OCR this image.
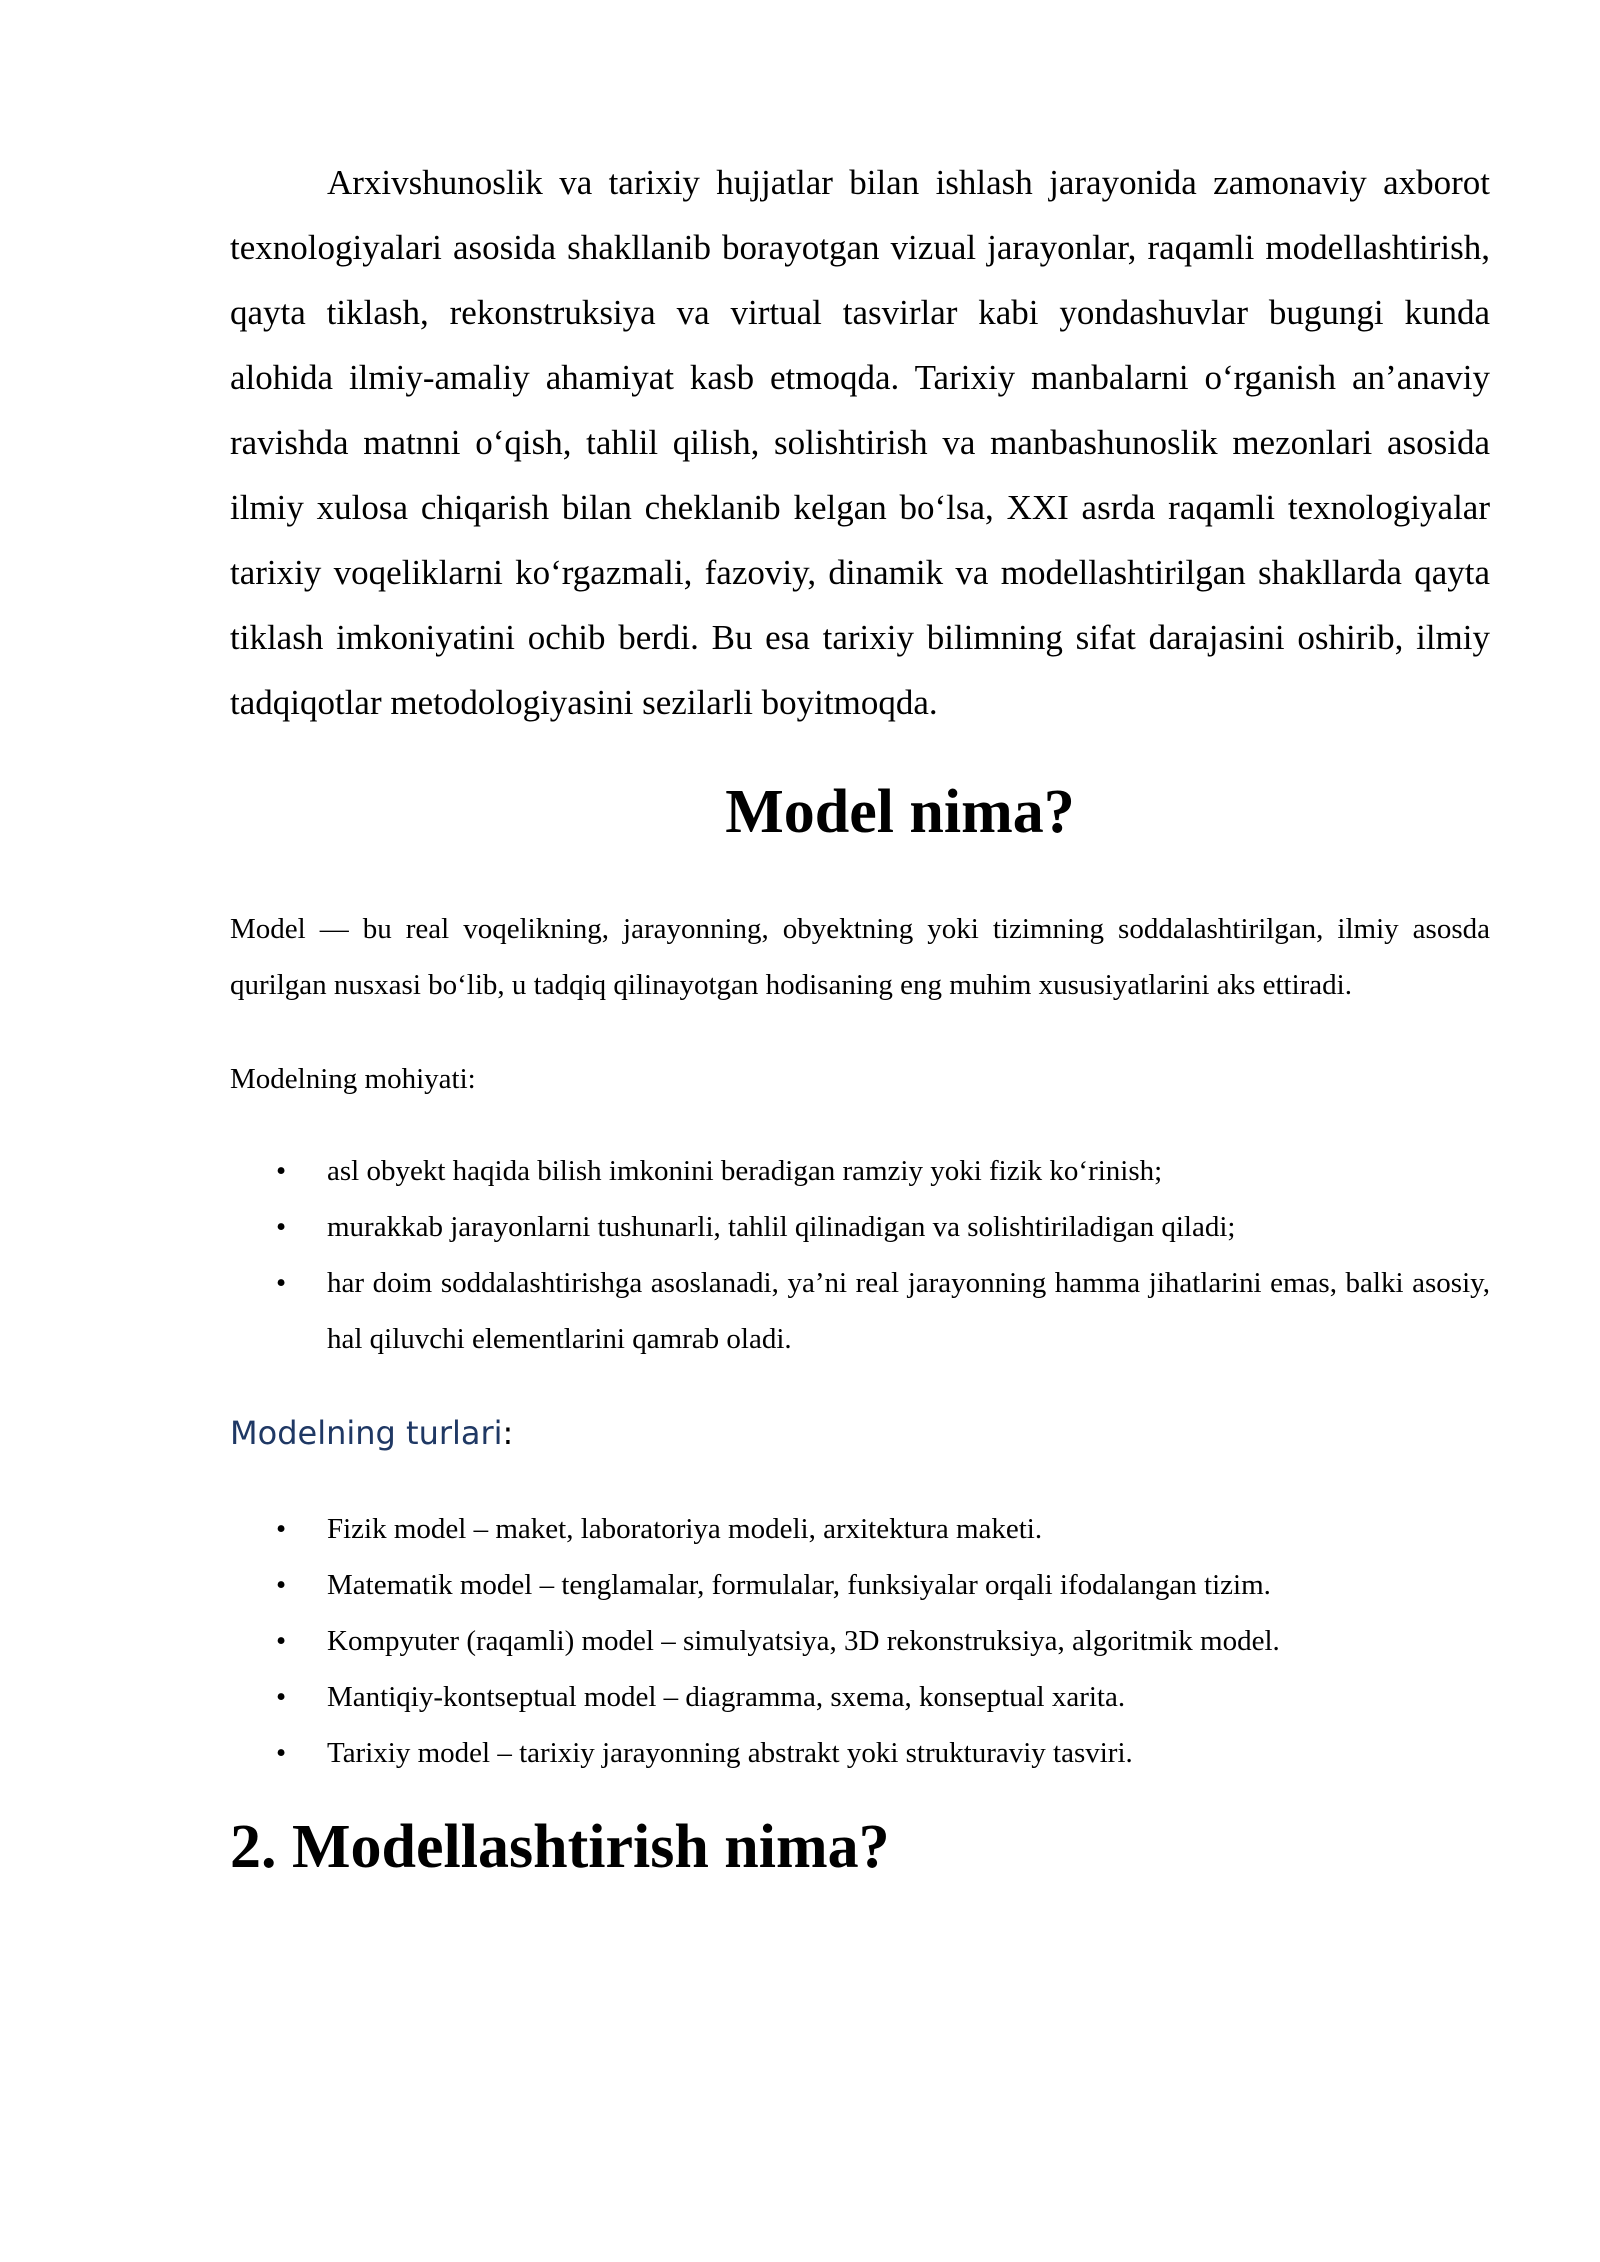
Arxivshunoslik va tarixiy hujjatlar bilan ishlash jarayonida zamonaviy axborot texnologiyalari asosida shakllanib borayotgan vizual jarayonlar, raqamli modellashtirish, qayta tiklash, rekonstruksiya va virtual tasvirlar kabi yondashuvlar bugungi kunda alohida ilmiy-amaliy ahamiyat kasb etmoqda. Tarixiy manbalarni o‘rganish an’anaviy ravishda matnni o‘qish, tahlil qilish, solishtirish va manbashunoslik mezonlari asosida ilmiy xulosa chiqarish bilan cheklanib kelgan bo‘lsa, XXI asrda raqamli texnologiyalar tarixiy voqeliklarni ko‘rgazmali, fazoviy, dinamik va modellashtirilgan shakllarda qayta tiklash imkoniyatini ochib berdi. Bu esa tarixiy bilimning sifat darajasini oshirib, ilmiy tadqiqotlar metodologiyasini sezilarli boyitmoqda.

Model nima?

Model — bu real voqelikning, jarayonning, obyektning yoki tizimning soddalashtirilgan, ilmiy asosda qurilgan nusxasi bo‘lib, u tadqiq qilinayotgan hodisaning eng muhim xususiyatlarini aks ettiradi.

Modelning mohiyati:

• asl obyekt haqida bilish imkonini beradigan ramziy yoki fizik ko‘rinish;
• murakkab jarayonlarni tushunarli, tahlil qilinadigan va solishtiriladigan qiladi;
• har doim soddalashtirishga asoslanadi, ya’ni real jarayonning hamma jihatlarini emas, balki asosiy, hal qiluvchi elementlarini qamrab oladi.
Modelning turlari:
• Fizik model – maket, laboratoriya modeli, arxitektura maketi.
• Matematik model – tenglamalar, formulalar, funksiyalar orqali ifodalangan tizim.
• Kompyuter (raqamli) model – simulyatsiya, 3D rekonstruksiya, algoritmik model.
• Mantiqiy-kontseptual model – diagramma, sxema, konseptual xarita.
• Tarixiy model – tarixiy jarayonning abstrakt yoki strukturaviy tasviri.
2. Modellashtirish nima?
